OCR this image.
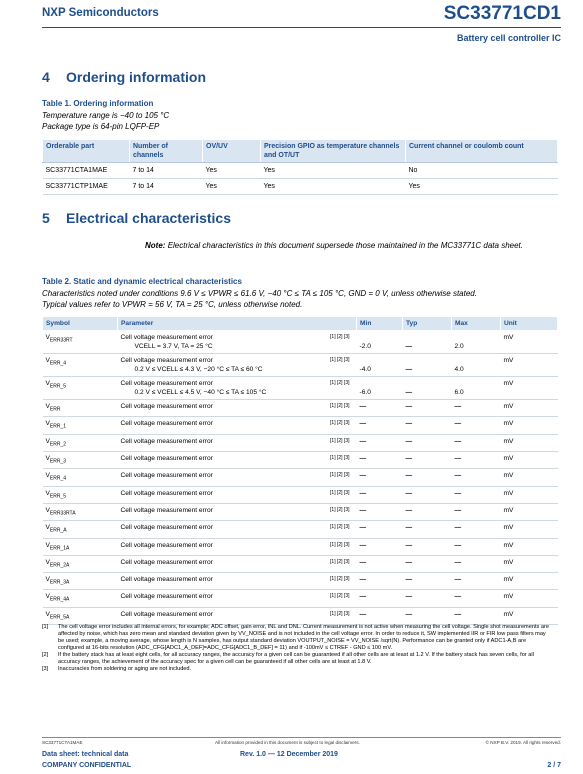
NXP Semiconductors	SC33771CD1
Battery cell controller IC
4 Ordering information
Table 1. Ordering information
Temperature range is −40 to 105 °C
Package type is 64-pin LQFP-EP
Orderable part	Number of channels	OV/UV	Precision GPIO as temperature channels and OT/UT	Current channel or coulomb count
SC33771CTA1MAE	7 to 14	Yes	Yes	No
SC33771CTP1MAE	7 to 14	Yes	Yes	Yes
5 Electrical characteristics
Note: Electrical characteristics in this document supersede those maintained in the MC33771C data sheet.
Table 2. Static and dynamic electrical characteristics
Characteristics noted under conditions 9.6 V ≤ VPWR ≤ 61.6 V, −40 °C ≤ TA ≤ 105 °C, GND = 0 V, unless otherwise stated.
Typical values refer to VPWR = 56 V, TA = 25 °C, unless otherwise noted.
Symbol	Parameter	Min	Typ	Max	Unit
$V_{ERR33RT}$	Cell voltage measurement error [1] [2] [3]
VCELL = 3.7 V, TA = 25 °C	-2.0	—	2.0	mV
$V_{ERR\_4}$	Cell voltage measurement error [1] [2] [3]
0.2 V ≤ VCELL ≤ 4.3 V, −20 °C ≤ TA ≤ 60 °C	-4.0	—	4.0	mV
$V_{ERR\_5}$	Cell voltage measurement error [1] [2] [3]
0.2 V ≤ VCELL ≤ 4.5 V, −40 °C ≤ TA ≤ 105 °C	-6.0	—	6.0	mV
$V_{ERR}$	Cell voltage measurement error [1] [2] [3]	—	—	—	mV
$V_{ERR\_1}$	Cell voltage measurement error [1] [2] [3]	—	—	—	mV
$V_{ERR\_2}$	Cell voltage measurement error [1] [2] [3]	—	—	—	mV
$V_{ERR\_3}$	Cell voltage measurement error [1] [2] [3]	—	—	—	mV
$V_{ERR\_4}$	Cell voltage measurement error [1] [2] [3]	—	—	—	mV
$V_{ERR\_5}$	Cell voltage measurement error [1] [2] [3]	—	—	—	mV
$V_{ERR33RTA}$	Cell voltage measurement error [1] [2] [3]	—	—	—	mV
$V_{ERR\_A}$	Cell voltage measurement error [1] [2] [3]	—	—	—	mV
$V_{ERR\_1A}$	Cell voltage measurement error [1] [2] [3]	—	—	—	mV
$V_{ERR\_2A}$	Cell voltage measurement error [1] [2] [3]	—	—	—	mV
$V_{ERR\_3A}$	Cell voltage measurement error [1] [2] [3]	—	—	—	mV
$V_{ERR\_4A}$	Cell voltage measurement error [1] [2] [3]	—	—	—	mV
$V_{ERR\_5A}$	Cell voltage measurement error [1] [2] [3]	—	—	—	mV
[1] The cell voltage error includes all internal errors, for example; ADC offset, gain error, INL and DNL. Current measurement is not active when measuring the cell voltage. Single shot measurements are affected by noise, which has zero mean and standard deviation given by VV_NOISE and is not included in the cell voltage error. In order to reduce it, SW implemented IIR or FIR low pass filters may be used; example, a moving average, whose length is N samples, has output standard deviation VOUTPUT_NOISE = VV_NOISE /sqrt(N). Performance can be granted only if ADC1-A,B are configured at 16-bits resolution (ADC_CFG[ADC1_A_DEF]=ADC_CFG[ADC1_B_DEF] = 11) and if -100mV ≤ CTREF - GND ≤ 100 mV.
[2] If the battery stack has at least eight cells, for all accuracy ranges, the accuracy for a given cell can be guaranteed if all other cells are at least at 1.2 V. If the battery stack has seven cells, for all accuracy ranges, the achievement of the accuracy spec for a given cell can be guaranteed if all other cells are at least at 1.8 V.
[3] Inaccuracies from soldering or aging are not included.
SC33771CTA1MAE	All information provided in this document is subject to legal disclaimers.	© NXP B.V. 2019. All rights reserved.
Data sheet: technical data	Rev. 1.0 — 12 December 2019
COMPANY CONFIDENTIAL	2 / 7
